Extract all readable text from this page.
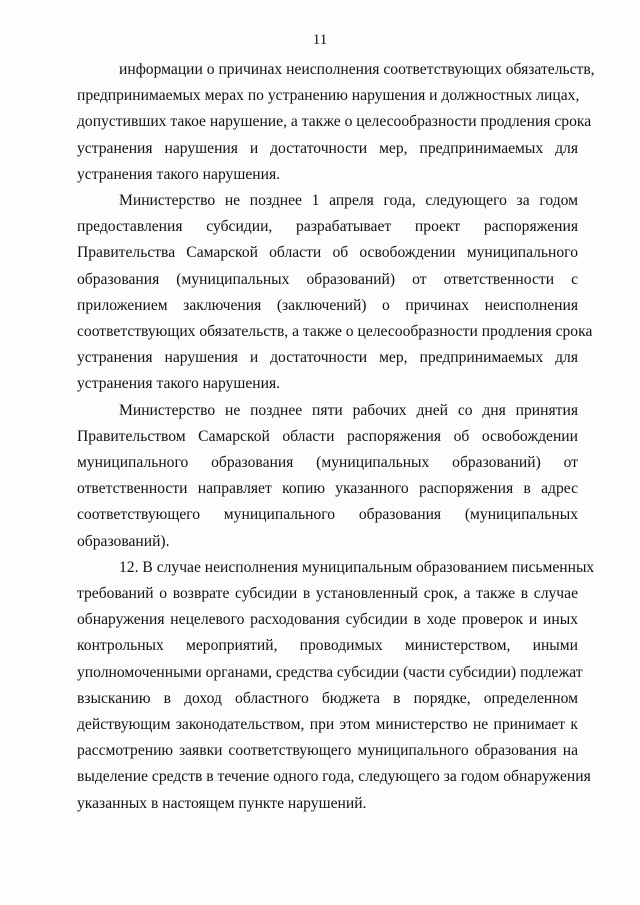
11
информации о причинах неисполнения соответствующих обязательств,
предпринимаемых мерах по устранению нарушения и должностных лицах,
допустивших такое нарушение, а также о целесообразности продления срока
устранения нарушения и достаточности мер, предпринимаемых для
устранения такого нарушения.
Министерство не позднее 1 апреля года, следующего за годом
предоставления субсидии, разрабатывает проект распоряжения
Правительства Самарской области об освобождении муниципального
образования (муниципальных образований) от ответственности с
приложением заключения (заключений) о причинах неисполнения
соответствующих обязательств, а также о целесообразности продления срока
устранения нарушения и достаточности мер, предпринимаемых для
устранения такого нарушения.
Министерство не позднее пяти рабочих дней со дня принятия
Правительством Самарской области распоряжения об освобождении
муниципального образования (муниципальных образований) от
ответственности направляет копию указанного распоряжения в адрес
соответствующего муниципального образования (муниципальных
образований).
12. В случае неисполнения муниципальным образованием письменных
требований о возврате субсидии в установленный срок, а также в случае
обнаружения нецелевого расходования субсидии в ходе проверок и иных
контрольных мероприятий, проводимых министерством, иными
уполномоченными органами, средства субсидии (части субсидии) подлежат
взысканию в доход областного бюджета в порядке, определенном
действующим законодательством, при этом министерство не принимает к
рассмотрению заявки соответствующего муниципального образования на
выделение средств в течение одного года, следующего за годом обнаружения
указанных в настоящем пункте нарушений.
